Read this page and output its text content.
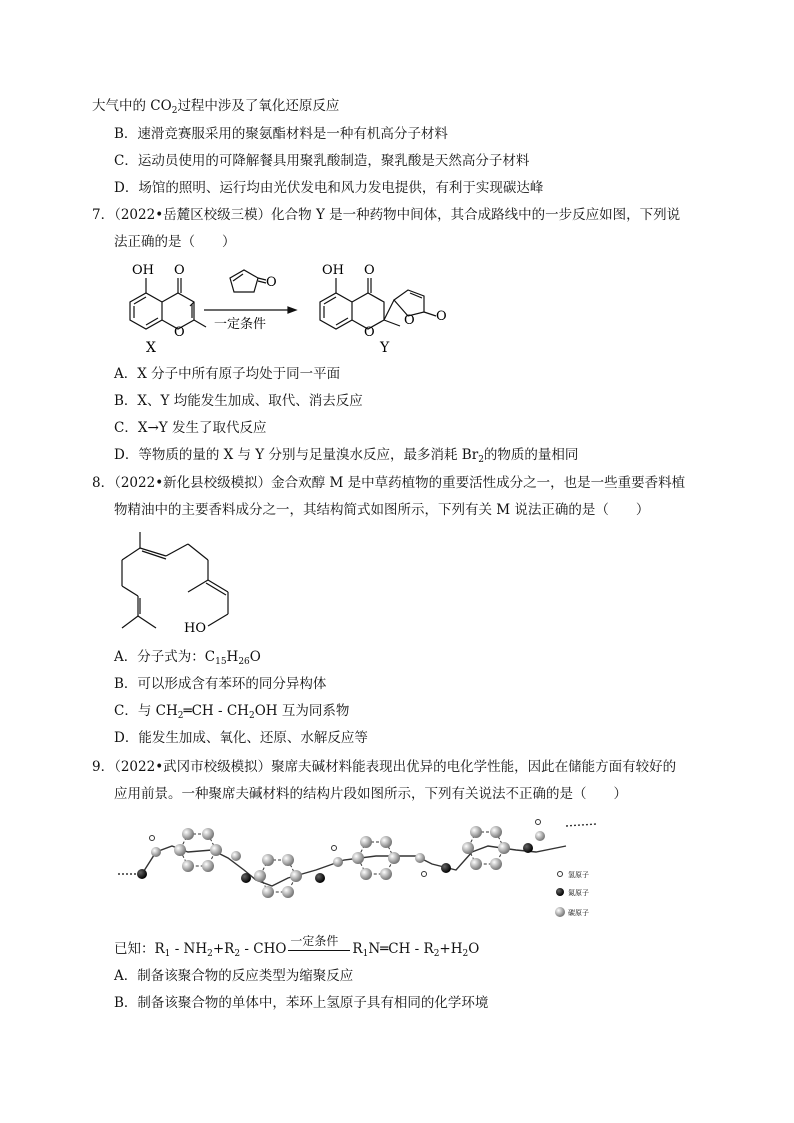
大气中的 $CO_2$过程中涉及了氧化还原反应
B．速滑竞赛服采用的聚氨酯材料是一种有机高分子材料
C．运动员使用的可降解餐具用聚乳酸制造，聚乳酸是天然高分子材料
D．场馆的照明、运行均由光伏发电和风力发电提供，有利于实现碳达峰
7．（2022•岳麓区校级三模）化合物 Y 是一种药物中间体，其合成路线中的一步反应如图，下列说
法正确的是（　　）
OH O
O
X
O
一定条件
OH O
O
O O
Y
A．X 分子中所有原子均处于同一平面
B．X、Y 均能发生加成、取代、消去反应
C．X→Y 发生了取代反应
D．等物质的量的 X 与 Y 分别与足量溴水反应，最多消耗 $Br_2$的物质的量相同
8．（2022•新化县校级模拟）金合欢醇 M 是中草药植物的重要活性成分之一，也是一些重要香料植
物精油中的主要香料成分之一，其结构简式如图所示，下列有关 M 说法正确的是（　　）
HO
A．分子式为：$C_{15}H_{26}O$
B．可以形成含有苯环的同分异构体
C．与 $CH_2═CH - CH_2OH$ 互为同系物
D．能发生加成、氧化、还原、水解反应等
9．（2022•武冈市校级模拟）聚席夫碱材料能表现出优异的电化学性能，因此在储能方面有较好的
应用前景。一种聚席夫碱材料的结构片段如图所示，下列有关说法不正确的是（　　）
氢原子
氮原子
碳原子
已知：$R_1 - NH_2+R_2$ - CHO 一定条件 $R_1N═CH - R_2+H_2O$
A．制备该聚合物的反应类型为缩聚反应
B．制备该聚合物的单体中，苯环上氢原子具有相同的化学环境
